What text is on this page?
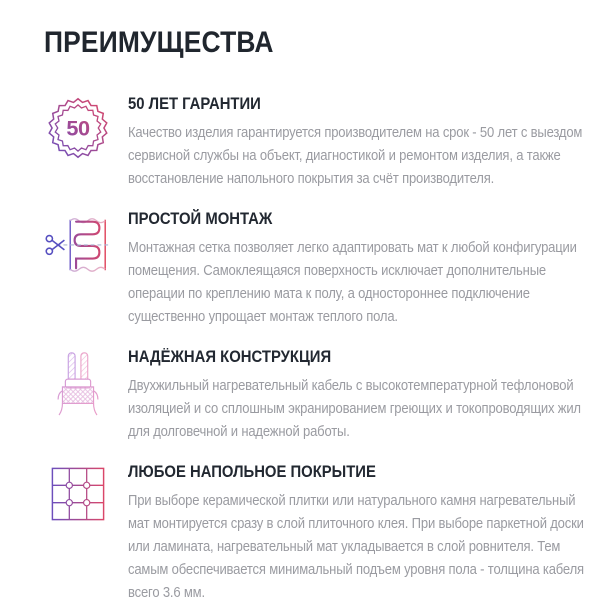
ПРЕИМУЩЕСТВА
50
50 ЛЕТ ГАРАНТИИ
Качество изделия гарантируется производителем на срок - 50 лет с выездом сервисной службы на объект, диагностикой и ремонтом изделия, а также восстановление напольного покрытия за счёт производителя.
ПРОСТОЙ МОНТАЖ
Монтажная сетка позволяет легко адаптировать мат к любой конфигурации помещения. Самоклеящаяся поверхность исключает дополнительные операции по креплению мата к полу, а одностороннее подключение существенно упрощает монтаж теплого пола.
НАДЁЖНАЯ КОНСТРУКЦИЯ
Двухжильный нагревательный кабель с высокотемпературной тефлоновой изоляцией и со сплошным экранированием греющих и токопроводящих жил для долговечной и надежной работы.
ЛЮБОЕ НАПОЛЬНОЕ ПОКРЫТИЕ
При выборе керамической плитки или натурального камня нагревательный мат монтируется сразу в слой плиточного клея. При выборе паркетной доски или ламината, нагревательный мат укладывается в слой ровнителя. Тем самым обеспечивается минимальный подъем уровня пола - толщина кабеля всего 3.6 мм.
